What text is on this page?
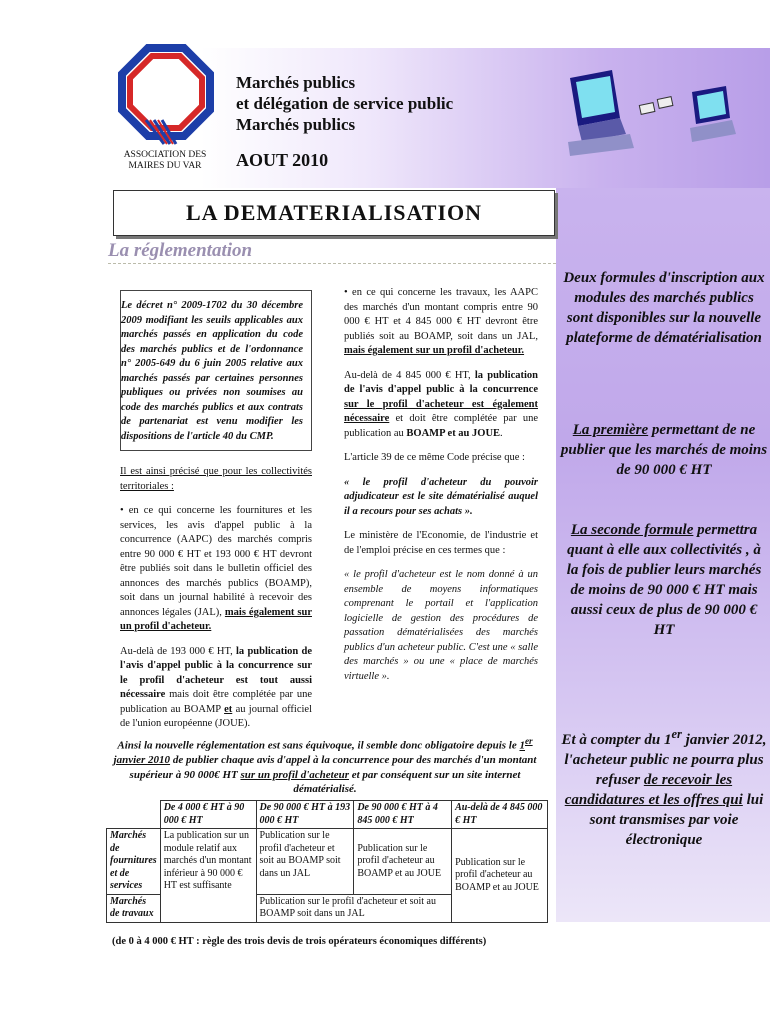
Marchés publics
et délégation de service public
Marchés publics
ASSOCIATION DES
MAIRES DU VAR	AOUT 2010
LA DEMATERIALISATION
La réglementation

Le décret n° 2009-1702 du 30 décembre 2009 modifiant les seuils applicables aux marchés passés en application du code des marchés publics et de l'ordonnance n° 2005-649 du 6 juin 2005 relative aux marchés passés par certaines personnes publiques ou privées non soumises au code des marchés publics et aux contrats de partenariat est venu modifier les dispositions de l'article 40 du CMP.

Il est ainsi précisé que pour les collectivités territoriales :

• en ce qui concerne les fournitures et les services, les avis d'appel public à la concurrence (AAPC) des marchés compris entre 90 000 € HT et 193 000 € HT devront être publiés soit dans le bulletin officiel des annonces des marchés publics (BOAMP), soit dans un journal habilité à recevoir des annonces légales (JAL), mais également sur un profil d'acheteur.

Au-delà de 193 000 € HT, la publication de l'avis d'appel public à la concurrence sur le profil d'acheteur est tout aussi nécessaire mais doit être complétée par une publication au BOAMP et au journal officiel de l'union européenne (JOUE).

• en ce qui concerne les travaux, les AAPC des marchés d'un montant compris entre 90 000 € HT et 4 845 000 € HT devront être publiés soit au BOAMP, soit dans un JAL, mais également sur un profil d'acheteur.

Au-delà de 4 845 000 € HT, la publication de l'avis d'appel public à la concurrence sur le profil d'acheteur est également nécessaire et doit être complétée par une publication au BOAMP et au JOUE.

L'article 39 de ce même Code précise que :

« le profil d'acheteur du pouvoir adjudicateur est le site dématérialisé auquel il a recours pour ses achats ».

Le ministère de l'Economie, de l'industrie et de l'emploi précise en ces termes que :

« le profil d'acheteur est le nom donné à un ensemble de moyens informatiques comprenant le portail et l'application logicielle de gestion des procédures de passation dématérialisées des marchés publics d'un acheteur public. C'est une « salle des marchés » ou une « place de marchés virtuelle ».

Deux formules d'inscription aux modules des marchés publics sont disponibles sur la nouvelle plateforme de dématérialisation
La première permettant de ne publier que les marchés de moins de 90 000 € HT
La seconde formule permettra quant à elle aux collectivités , à la fois de publier leurs marchés de moins de 90 000 € HT mais aussi ceux de plus de 90 000 € HT
Et à compter du 1er janvier 2012, l'acheteur public ne pourra plus refuser de recevoir les candidatures et les offres qui lui sont transmises par voie électronique
Ainsi la nouvelle réglementation est sans équivoque, il semble donc obligatoire depuis le 1er janvier 2010 de publier chaque avis d'appel à la concurrence pour des marchés d'un montant supérieur à 90 000€ HT sur un profil d'acheteur et par conséquent sur un site internet dématérialisé.
	De 4 000 € HT à 90 000 € HT	De 90 000 € HT à 193 000 € HT	De 90 000 € HT à 4 845 000 € HT	Au-delà de 4 845 000 € HT
Marchés de fournitures et de services	La publication sur un module relatif aux marchés d'un montant inférieur à 90 000 € HT est suffisante	Publication sur le profil d'acheteur et soit au BOAMP soit dans un JAL	Publication sur le profil d'acheteur au BOAMP et au JOUE	Publication sur le profil d'acheteur au BOAMP et au JOUE
Marchés de travaux		Publication sur le profil d'acheteur et soit au BOAMP soit dans un JAL		
(de 0 à 4 000 € HT : règle des trois devis de trois opérateurs économiques différents)
